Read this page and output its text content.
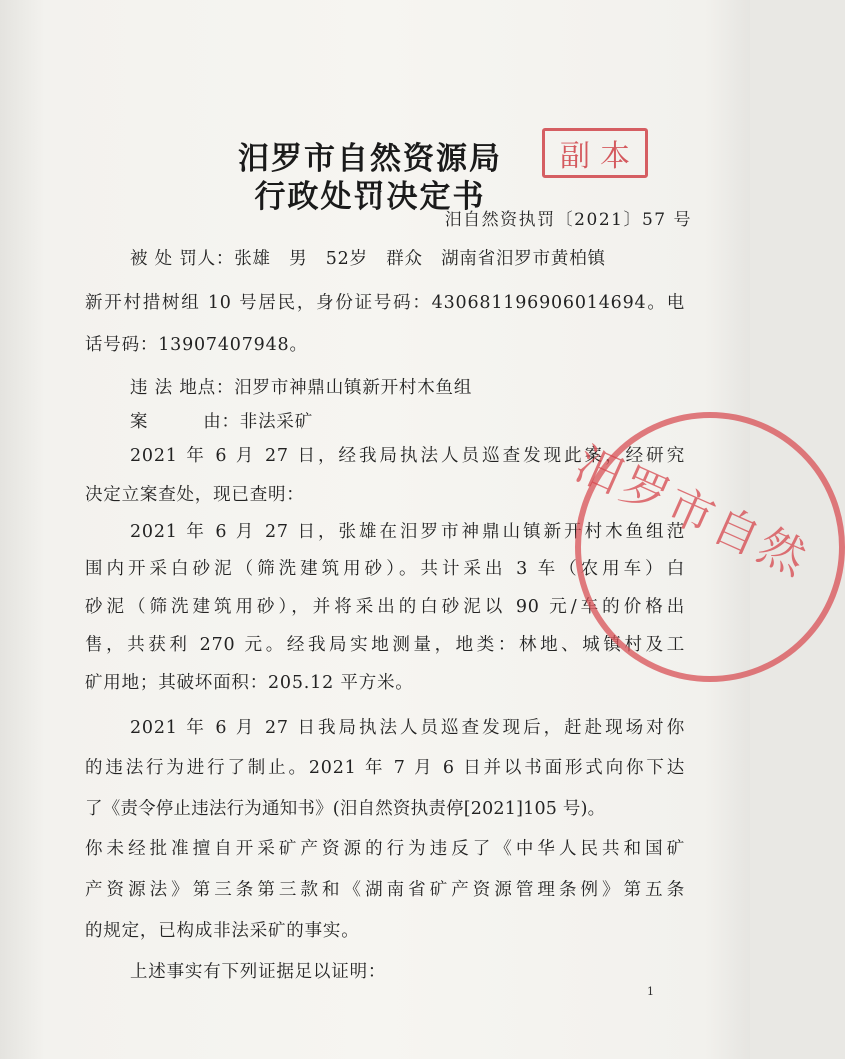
汨罗市自然资源局
行政处罚决定书
副本
汨自然资执罚〔2021〕57 号
被 处 罚人：张雄　男　52岁　群众　湖南省汨罗市黄柏镇
新开村措树组 10 号居民，身份证号码：430681196906014694。电
话号码：13907407948。
违 法 地点：汨罗市神鼎山镇新开村木鱼组
案　　　由：非法采矿
2021 年 6 月 27 日，经我局执法人员巡查发现此案，经研究
决定立案查处，现已查明：
2021 年 6 月 27 日，张雄在汨罗市神鼎山镇新开村木鱼组范
围内开采白砂泥（筛洗建筑用砂）。共计采出 3 车（农用车）白
砂泥（筛洗建筑用砂），并将采出的白砂泥以 90 元/车的价格出
售，共获利 270 元。经我局实地测量，地类：林地、城镇村及工
矿用地；其破坏面积：205.12 平方米。
2021 年 6 月 27 日我局执法人员巡查发现后，赶赴现场对你
的违法行为进行了制止。2021 年 7 月 6 日并以书面形式向你下达
了《责令停止违法行为通知书》(汨自然资执责停[2021]105 号)。
你未经批准擅自开采矿产资源的行为违反了《中华人民共和国矿
产资源法》第三条第三款和《湖南省矿产资源管理条例》第五条
的规定，已构成非法采矿的事实。
上述事实有下列证据足以证明：
汨罗市自然
1
